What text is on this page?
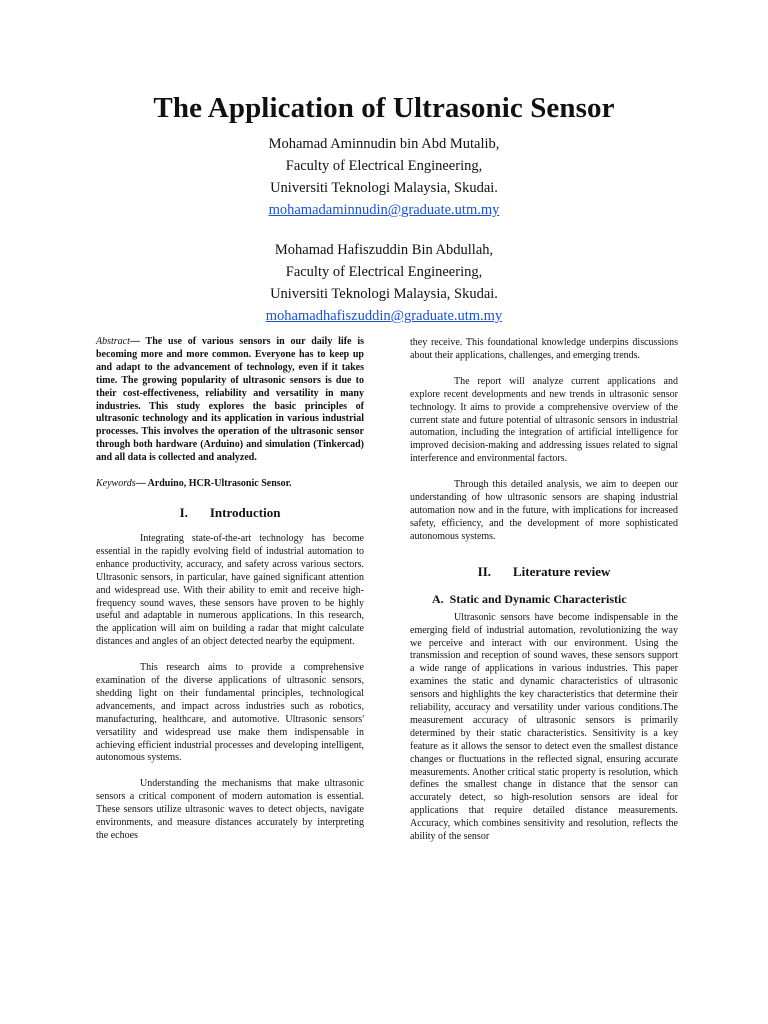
The Application of Ultrasonic Sensor
Mohamad Aminnudin bin Abd Mutalib,
Faculty of Electrical Engineering,
Universiti Teknologi Malaysia, Skudai.
mohamadaminnudin@graduate.utm.my
Mohamad Hafiszuddin Bin Abdullah,
Faculty of Electrical Engineering,
Universiti Teknologi Malaysia, Skudai.
mohamadhafiszuddin@graduate.utm.my

Abstract— The use of various sensors in our daily life is becoming more and more common. Everyone has to keep up and adapt to the advancement of technology, even if it takes time. The growing popularity of ultrasonic sensors is due to their cost-effectiveness, reliability and versatility in many industries. This study explores the basic principles of ultrasonic technology and its application in various industrial processes. This involves the operation of the ultrasonic sensor through both hardware (Arduino) and simulation (Tinkercad) and all data is collected and analyzed.

Keywords— Arduino, HCR-Ultrasonic Sensor.

I. Introduction

Integrating state-of-the-art technology has become essential in the rapidly evolving field of industrial automation to enhance productivity, accuracy, and safety across various sectors. Ultrasonic sensors, in particular, have gained significant attention and widespread use. With their ability to emit and receive high-frequency sound waves, these sensors have proven to be highly useful and adaptable in numerous applications. In this research, the application will aim on building a radar that might calculate distances and angles of an object detected nearby the equipment.

This research aims to provide a comprehensive examination of the diverse applications of ultrasonic sensors, shedding light on their fundamental principles, technological advancements, and impact across industries such as robotics, manufacturing, healthcare, and automotive. Ultrasonic sensors' versatility and widespread use make them indispensable in achieving efficient industrial processes and developing intelligent, autonomous systems.

Understanding the mechanisms that make ultrasonic sensors a critical component of modern automation is essential. These sensors utilize ultrasonic waves to detect objects, navigate environments, and measure distances accurately by interpreting the echoes

they receive. This foundational knowledge underpins discussions about their applications, challenges, and emerging trends.

The report will analyze current applications and explore recent developments and new trends in ultrasonic sensor technology. It aims to provide a comprehensive overview of the current state and future potential of ultrasonic sensors in industrial automation, including the integration of artificial intelligence for improved decision-making and addressing issues related to signal interference and environmental factors.

Through this detailed analysis, we aim to deepen our understanding of how ultrasonic sensors are shaping industrial automation now and in the future, with implications for increased safety, efficiency, and the development of more sophisticated autonomous systems.

II. Literature review
A. Static and Dynamic Characteristic

Ultrasonic sensors have become indispensable in the emerging field of industrial automation, revolutionizing the way we perceive and interact with our environment. Using the transmission and reception of sound waves, these sensors support a wide range of applications in various industries. This paper examines the static and dynamic characteristics of ultrasonic sensors and highlights the key characteristics that determine their reliability, accuracy and versatility under various conditions.The measurement accuracy of ultrasonic sensors is primarily determined by their static characteristics. Sensitivity is a key feature as it allows the sensor to detect even the smallest distance changes or fluctuations in the reflected signal, ensuring accurate measurements. Another critical static property is resolution, which defines the smallest change in distance that the sensor can accurately detect, so high-resolution sensors are ideal for applications that require detailed distance measurements. Accuracy, which combines sensitivity and resolution, reflects the ability of the sensor
